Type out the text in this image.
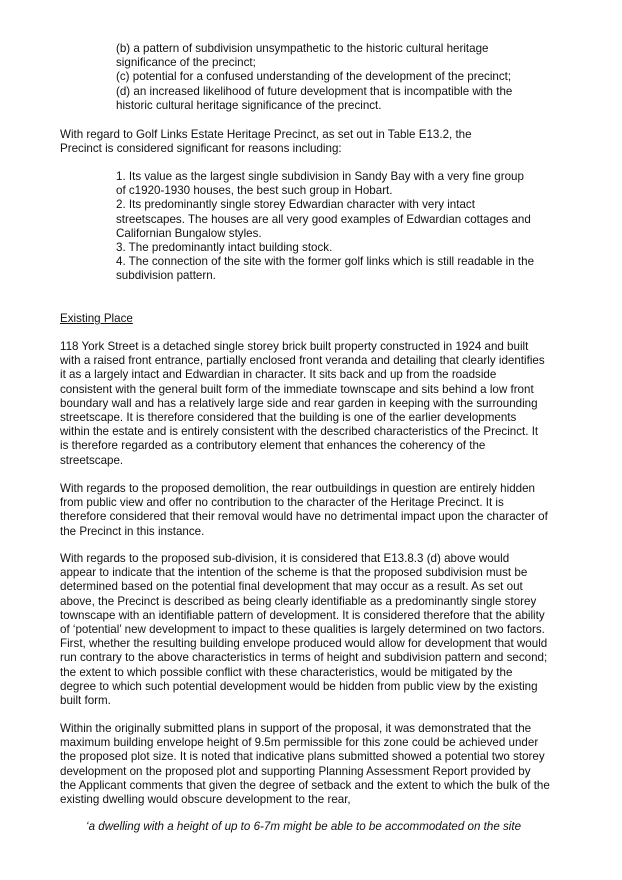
(b) a pattern of subdivision unsympathetic to the historic cultural heritage
significance of the precinct;
(c) potential for a confused understanding of the development of the precinct;
(d) an increased likelihood of future development that is incompatible with the
historic cultural heritage significance of the precinct.
With regard to Golf Links Estate Heritage Precinct, as set out in Table E13.2, the
Precinct is considered significant for reasons including:
1. Its value as the largest single subdivision in Sandy Bay with a very fine group
of c1920-1930 houses, the best such group in Hobart.
2. Its predominantly single storey Edwardian character with very intact
streetscapes. The houses are all very good examples of Edwardian cottages and
Californian Bungalow styles.
3. The predominantly intact building stock.
4. The connection of the site with the former golf links which is still readable in the
subdivision pattern.
Existing Place
118 York Street is a detached single storey brick built property constructed in 1924 and built
with a raised front entrance, partially enclosed front veranda and detailing that clearly identifies
it as a largely intact and Edwardian in character. It sits back and up from the roadside
consistent with the general built form of the immediate townscape and sits behind a low front
boundary wall and has a relatively large side and rear garden in keeping with the surrounding
streetscape. It is therefore considered that the building is one of the earlier developments
within the estate and is entirely consistent with the described characteristics of the Precinct. It
is therefore regarded as a contributory element that enhances the coherency of the
streetscape.
With regards to the proposed demolition, the rear outbuildings in question are entirely hidden
from public view and offer no contribution to the character of the Heritage Precinct. It is
therefore considered that their removal would have no detrimental impact upon the character of
the Precinct in this instance.
With regards to the proposed sub-division, it is considered that E13.8.3 (d) above would
appear to indicate that the intention of the scheme is that the proposed subdivision must be
determined based on the potential final development that may occur as a result. As set out
above, the Precinct is described as being clearly identifiable as a predominantly single storey
townscape with an identifiable pattern of development. It is considered therefore that the ability
of ‘potential’ new development to impact to these qualities is largely determined on two factors.
First, whether the resulting building envelope produced would allow for development that would
run contrary to the above characteristics in terms of height and subdivision pattern and second;
the extent to which possible conflict with these characteristics, would be mitigated by the
degree to which such potential development would be hidden from public view by the existing
built form.
Within the originally submitted plans in support of the proposal, it was demonstrated that the
maximum building envelope height of 9.5m permissible for this zone could be achieved under
the proposed plot size. It is noted that indicative plans submitted showed a potential two storey
development on the proposed plot and supporting Planning Assessment Report provided by
the Applicant comments that given the degree of setback and the extent to which the bulk of the
existing dwelling would obscure development to the rear,
‘a dwelling with a height of up to 6-7m might be able to be accommodated on the site
